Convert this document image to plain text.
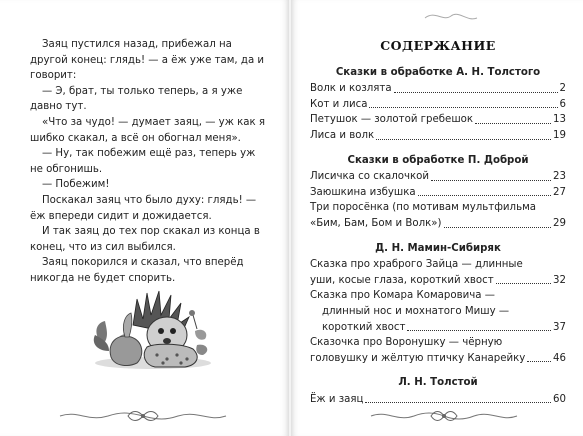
Заяц пустился назад, прибежал на другой конец: глядь! — а ёж уже там, да и говорит:

— Э, брат, ты только теперь, а я уже давно тут.

«Что за чудо! — думает заяц, — уж как я шибко скакал, а всё он обогнал меня».

— Ну, так побежим ещё раз, теперь уж не обгонишь.

— Побежим!

Поскакал заяц что было духу: глядь! — ёж впереди сидит и дожидается.

И так заяц до тех пор скакал из конца в конец, что из сил выбился.

Заяц покорился и сказал, что вперёд никогда не будет спорить.

СОДЕРЖАНИЕ
Сказки в обработке А. Н. Толстого
Волк и козлята	2
Кот и лиса	6
Петушок — золотой гребешок	13
Лиса и волк	19
Сказки в обработке П. Доброй
Лисичка со скалочкой	23
Заюшкина избушка	27
Три поросёнка (по мотивам мультфильма
«Бим, Бам, Бом и Волк»)	29
Д. Н. Мамин-Сибиряк
Сказка про храброго Зайца — длинные
уши, косые глаза, короткий хвост	32
Сказка про Комара Комаровича —
длинный нос и мохнатого Мишу —
короткий хвост	37
Сказочка про Воронушку — чёрную
головушку и жёлтую птичку Канарейку	46
Л. Н. Толстой
Ёж и заяц	60
